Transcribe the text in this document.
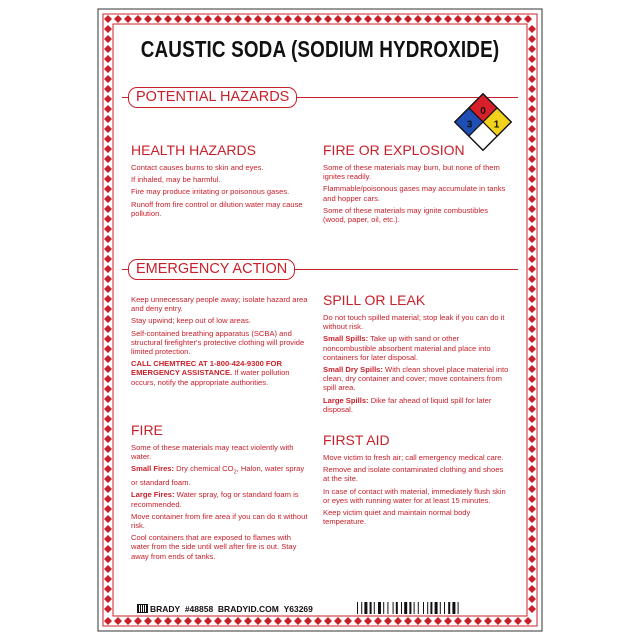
CAUSTIC SODA (SODIUM HYDROXIDE)
POTENTIAL HAZARDS
0
3 1
HEALTH HAZARDS

Contact causes burns to skin and eyes.

If inhaled, may be harmful.

Fire may produce irritating or poisonous gases.

Runoff from fire control or dilution water may cause pollution.

FIRE OR EXPLOSION

Some of these materials may burn, but none of them ignites readily.

Flammable/poisonous gases may accumulate in tanks and hopper cars.

Some of these materials may ignite combustibles (wood, paper, oil, etc.).

EMERGENCY ACTION

Keep unnecessary people away; isolate hazard area and deny entry.

Stay upwind; keep out of low areas.

Self-contained breathing apparatus (SCBA) and structural firefighter's protective clothing will provide limited protection.

CALL CHEMTREC AT 1-800-424-9300 FOR EMERGENCY ASSISTANCE. If water pollution occurs, notify the appropriate authorities.

SPILL OR LEAK

Do not touch spilled material; stop leak if you can do it without risk.

Small Spills: Take up with sand or other noncombustible absorbent material and place into containers for later disposal.

Small Dry Spills: With clean shovel place material into clean, dry container and cover; move containers from spill area.

Large Spills: Dike far ahead of liquid spill for later disposal.

FIRE

Some of these materials may react violently with water.

Small Fires: Dry chemical $CO_2$, Halon, water spray or standard foam.

Large Fires: Water spray, fog or standard foam is recommended.

Move container from fire area if you can do it without risk.

Cool containers that are exposed to flames with water from the side until well after fire is out. Stay away from ends of tanks.

FIRST AID

Move victim to fresh air; call emergency medical care.

Remove and isolate contaminated clothing and shoes at the site.

In case of contact with material, immediately flush skin or eyes with running water for at least 15 minutes.

Keep victim quiet and maintain normal body temperature.

BRADY #48858 BRADYID.COM Y63269
